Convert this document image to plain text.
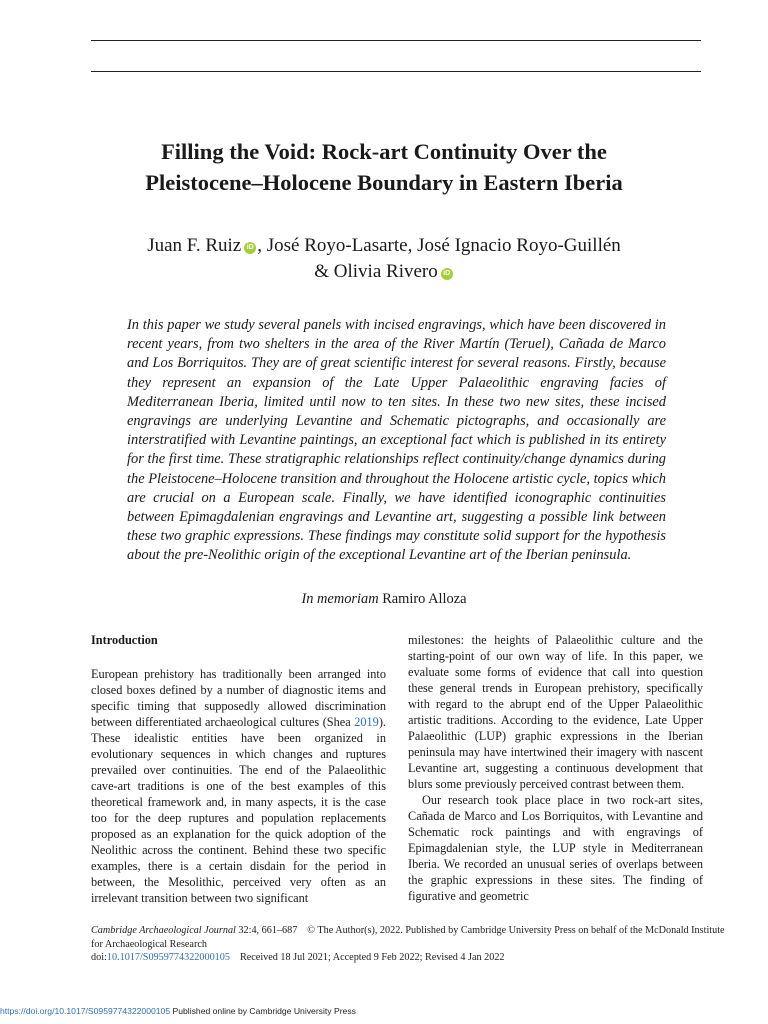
Filling the Void: Rock-art Continuity Over the
Pleistocene–Holocene Boundary in Eastern Iberia
Juan F. Ruiz iD , José Royo-Lasarte, José Ignacio Royo-Guillén
& Olivia Rivero iD

In this paper we study several panels with incised engravings, which have been discovered in recent years, from two shelters in the area of the River Martín (Teruel), Cañada de Marco and Los Borriquitos. They are of great scientific interest for several reasons. Firstly, because they represent an expansion of the Late Upper Palaeolithic engraving facies of Mediterranean Iberia, limited until now to ten sites. In these two new sites, these incised engravings are underlying Levantine and Schematic pictographs, and occasionally are interstratified with Levantine paintings, an exceptional fact which is published in its entirety for the first time. These stratigraphic relationships reflect continuity/change dynamics during the Pleistocene–Holocene transition and throughout the Holocene artistic cycle, topics which are crucial on a European scale. Finally, we have identified iconographic continuities between Epimagdalenian engravings and Levantine art, suggesting a possible link between these two graphic expressions. These findings may constitute solid support for the hypothesis about the pre-Neolithic origin of the exceptional Levantine art of the Iberian peninsula.

In memoriam Ramiro Alloza
Introduction

European prehistory has traditionally been arranged into closed boxes defined by a number of diagnostic items and specific timing that supposedly allowed discrimination between differentiated archaeological cultures (Shea 2019). These idealistic entities have been organized in evolutionary sequences in which changes and ruptures prevailed over continuities. The end of the Palaeolithic cave-art traditions is one of the best examples of this theoretical framework and, in many aspects, it is the case too for the deep ruptures and population replacements proposed as an explanation for the quick adoption of the Neolithic across the continent. Behind these two specific examples, there is a certain disdain for the period in between, the Mesolithic, perceived very often as an irrelevant transition between two significant

milestones: the heights of Palaeolithic culture and the starting-point of our own way of life. In this paper, we evaluate some forms of evidence that call into question these general trends in European prehistory, specifically with regard to the abrupt end of the Upper Palaeolithic artistic traditions. According to the evidence, Late Upper Palaeolithic (LUP) graphic expressions in the Iberian peninsula may have intertwined their imagery with nascent Levantine art, suggesting a continuous development that blurs some previously perceived contrast between them.

Our research took place place in two rock-art sites, Cañada de Marco and Los Borriquitos, with Levantine and Schematic rock paintings and with engravings of Epimagdalenian style, the LUP style in Mediterranean Iberia. We recorded an unusual series of overlaps between the graphic expressions in these sites. The finding of figurative and geometric

Cambridge Archaeological Journal 32:4, 661–687 © The Author(s), 2022. Published by Cambridge University Press on behalf of the McDonald Institute
for Archaeological Research
doi:10.1017/S0959774322000105 Received 18 Jul 2021; Accepted 9 Feb 2022; Revised 4 Jan 2022
https://doi.org/10.1017/S0959774322000105 Published online by Cambridge University Press
